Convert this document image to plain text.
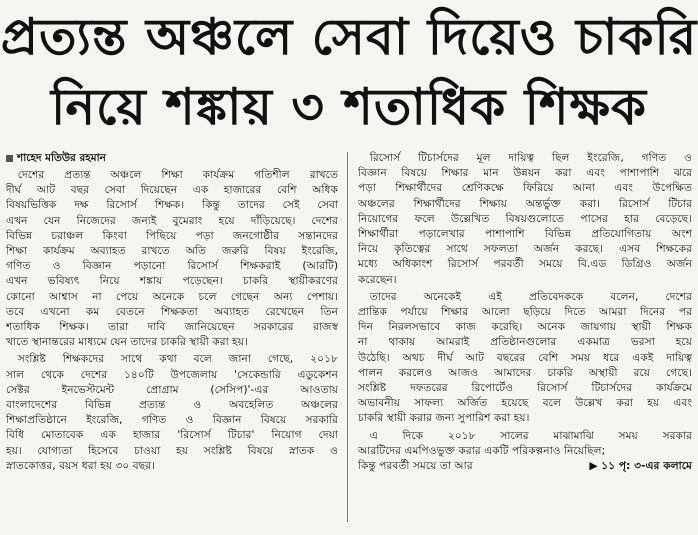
প্রত্যন্ত অঞ্চলে সেবা দিয়েও চাকরি
নিয়ে শঙ্কায় ৩ শতাধিক শিক্ষক
শাহেদ মতিউর রহমান
দেশের প্রত্যন্ত অঞ্চলে শিক্ষা কার্যক্রম গতিশীল রাখতে
দীর্ঘ আট বছর সেবা দিয়েছেন এক হাজারের বেশি অধিক
বিষয়ভিত্তিক দক্ষ রিসোর্স শিক্ষক। কিন্তু তাদের সেই সেবা
এখন যেন নিজেদের জন্যই বুমেরাং হয়ে দাঁড়িয়েছে। দেশের
বিভিন্ন চরাঞ্চল কিংবা পিছিয়ে পড়া জনগোষ্ঠীর সন্তানদের
শিক্ষা কার্যক্রম অব্যাহত রাখতে অতি জরুরি বিষয় ইংরেজি,
গণিত ও বিজ্ঞান পড়ানো রিসোর্স শিক্ষকরাই (আরটি)
এখন ভবিষ্যৎ নিয়ে শঙ্কায় পড়েছেন। চাকরি স্থায়ীকরণের
কোনো আশ্বাস না পেয়ে অনেকে চলে গেছেন অন্য পেশায়।
তবে এখনো কম বেতনে শিক্ষকতা অব্যাহত রেখেছেন তিন
শতাধিক শিক্ষক। তারা দাবি জানিয়েছেন সরকারের রাজস্ব
খাতে স্থানান্তরের মাধ্যমে যেন তাদের চাকরি স্থায়ী করা হয়।
সংশ্লিষ্ট শিক্ষকদের সাথে কথা বলে জানা গেছে, ২০১৮
সাল থেকে দেশের ১৪০টি উপজেলায় 'সেকেন্ডারি এডুকেশন
সেক্টর ইনভেস্টমেন্ট প্রোগ্রাম (সেসিপ)'-এর আওতায়
বাংলাদেশের বিভিন্ন প্রত্যন্ত ও অবহেলিত অঞ্চলের
শিক্ষাপ্রতিষ্ঠানে ইংরেজি, গণিত ও বিজ্ঞান বিষয়ে সরকারি
বিধি মোতাবেক এক হাজার 'রিসোর্স টিচার' নিয়োগ দেয়া
হয়। যোগ্যতা হিসেবে চাওয়া হয় সংশ্লিষ্ট বিষয়ে স্নাতক ও
স্নাতকোত্তর, বয়স ধরা হয় ৩০ বছর।
রিসোর্স টিচার্সদের মূল দায়িত্ব ছিল ইংরেজি, গণিত ও
বিজ্ঞান বিষয়ে শিক্ষার মান উন্নয়ন করা এবং পাশাপাশি ঝরে
পড়া শিক্ষার্থীদের শ্রেণিকক্ষে ফিরিয়ে আনা এবং উপেক্ষিত
অঞ্চলের শিক্ষার্থীদের শিক্ষায় অন্তর্ভুক্ত করা। রিসোর্স টিচার
নিয়োগের ফলে উল্লেখিত বিষয়গুলোতে পাসের হার বেড়েছে।
শিক্ষার্থীরা পড়ালেখার পাশাপাশি বিভিন্ন প্রতিযোগিতায় অংশ
নিয়ে কৃতিত্বের সাথে সফলতা অর্জন করছে। এসব শিক্ষকের
মধ্যে অধিকাংশ রিসোর্স পরবর্তী সময়ে বি.এড ডিগ্রিও অর্জন
করেছেন।
তাদের অনেকেই এই প্রতিবেদককে বলেন, দেশের
প্রান্তিক পর্যায়ে শিক্ষার আলো ছড়িয়ে দিতে আমরা দিনের পর
দিন নিরলসভাবে কাজ করেছি। অনেক জায়গায় স্থায়ী শিক্ষক
না থাকায় আমরাই প্রতিষ্ঠানগুলোর একমাত্র ভরসা হয়ে
উঠেছি। অথচ দীর্ঘ আট বছরের বেশি সময় ধরে একই দায়িত্ব
পালন করলেও আজও আমাদের চাকরি অস্থায়ী রয়ে গেছে।
সংশ্লিষ্ট দফতরের রিপোর্টেও রিসোর্স টিচার্সদের কার্যক্রমে
অভাবনীয় সাফল্য অর্জিত হয়েছে বলে উল্লেখ করা হয় এবং
চাকরি স্থায়ী করার জন্য সুপারিশ করা হয়।
এ দিকে ২০১৮ সালের মাঝামাঝি সময় সরকার
আরটিদের এমপিওভুক্ত করার একটি পরিকল্পনাও নিয়েছিল;
কিন্তু পরবর্তী সময়ে তা আর	▶ ১১ পৃ: ৩-এর কলামে
